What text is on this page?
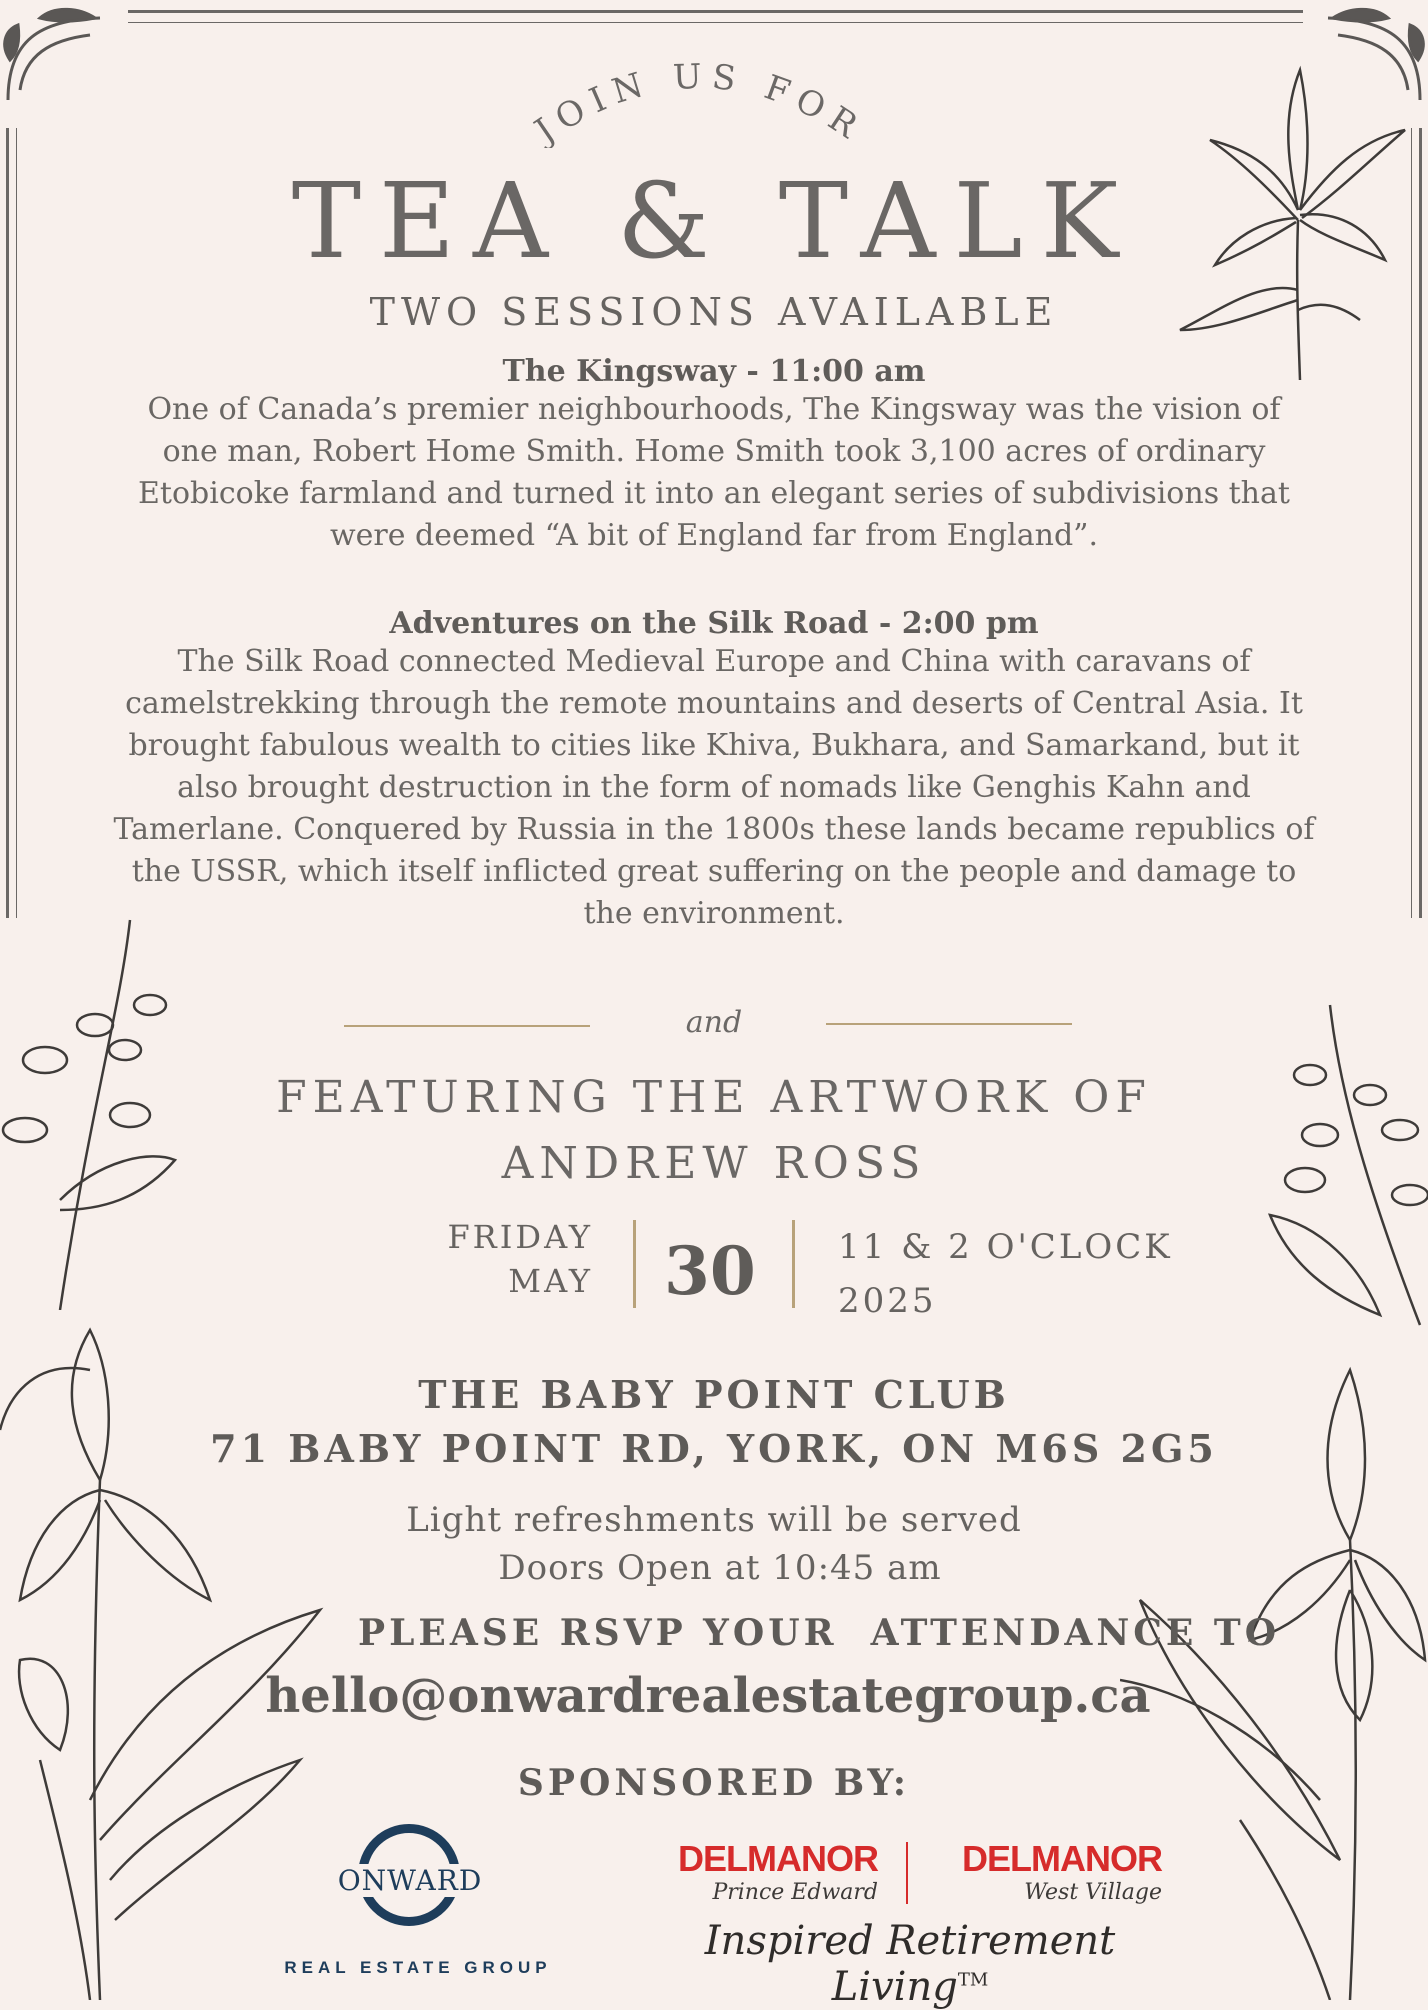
JOIN US FOR
TEA & TALK
TWO SESSIONS AVAILABLE
The Kingsway - 11:00 am
One of Canada’s premier neighbourhoods, The Kingsway was the vision of
one man, Robert Home Smith. Home Smith took 3,100 acres of ordinary
Etobicoke farmland and turned it into an elegant series of subdivisions that
were deemed “A bit of England far from England”.
Adventures on the Silk Road - 2:00 pm
The Silk Road connected Medieval Europe and China with caravans of
camelstrekking through the remote mountains and deserts of Central Asia. It
brought fabulous wealth to cities like Khiva, Bukhara, and Samarkand, but it
also brought destruction in the form of nomads like Genghis Kahn and
Tamerlane. Conquered by Russia in the 1800s these lands became republics of
the USSR, which itself inflicted great suffering on the people and damage to
the environment.
and
FEATURING THE ARTWORK OF
ANDREW ROSS
FRIDAY
MAY 30 11 & 2 O'CLOCK
2025
THE BABY POINT CLUB
71 BABY POINT RD, YORK, ON M6S 2G5
Light refreshments will be served
Doors Open at 10:45 am
PLEASE RSVP YOUR  ATTENDANCE TO
hello@onwardrealestategroup.ca
SPONSORED BY:
ONWARD
REAL ESTATE GROUP
DELMANOR
Prince Edward
DELMANOR
West Village
Inspired Retirement Living™
